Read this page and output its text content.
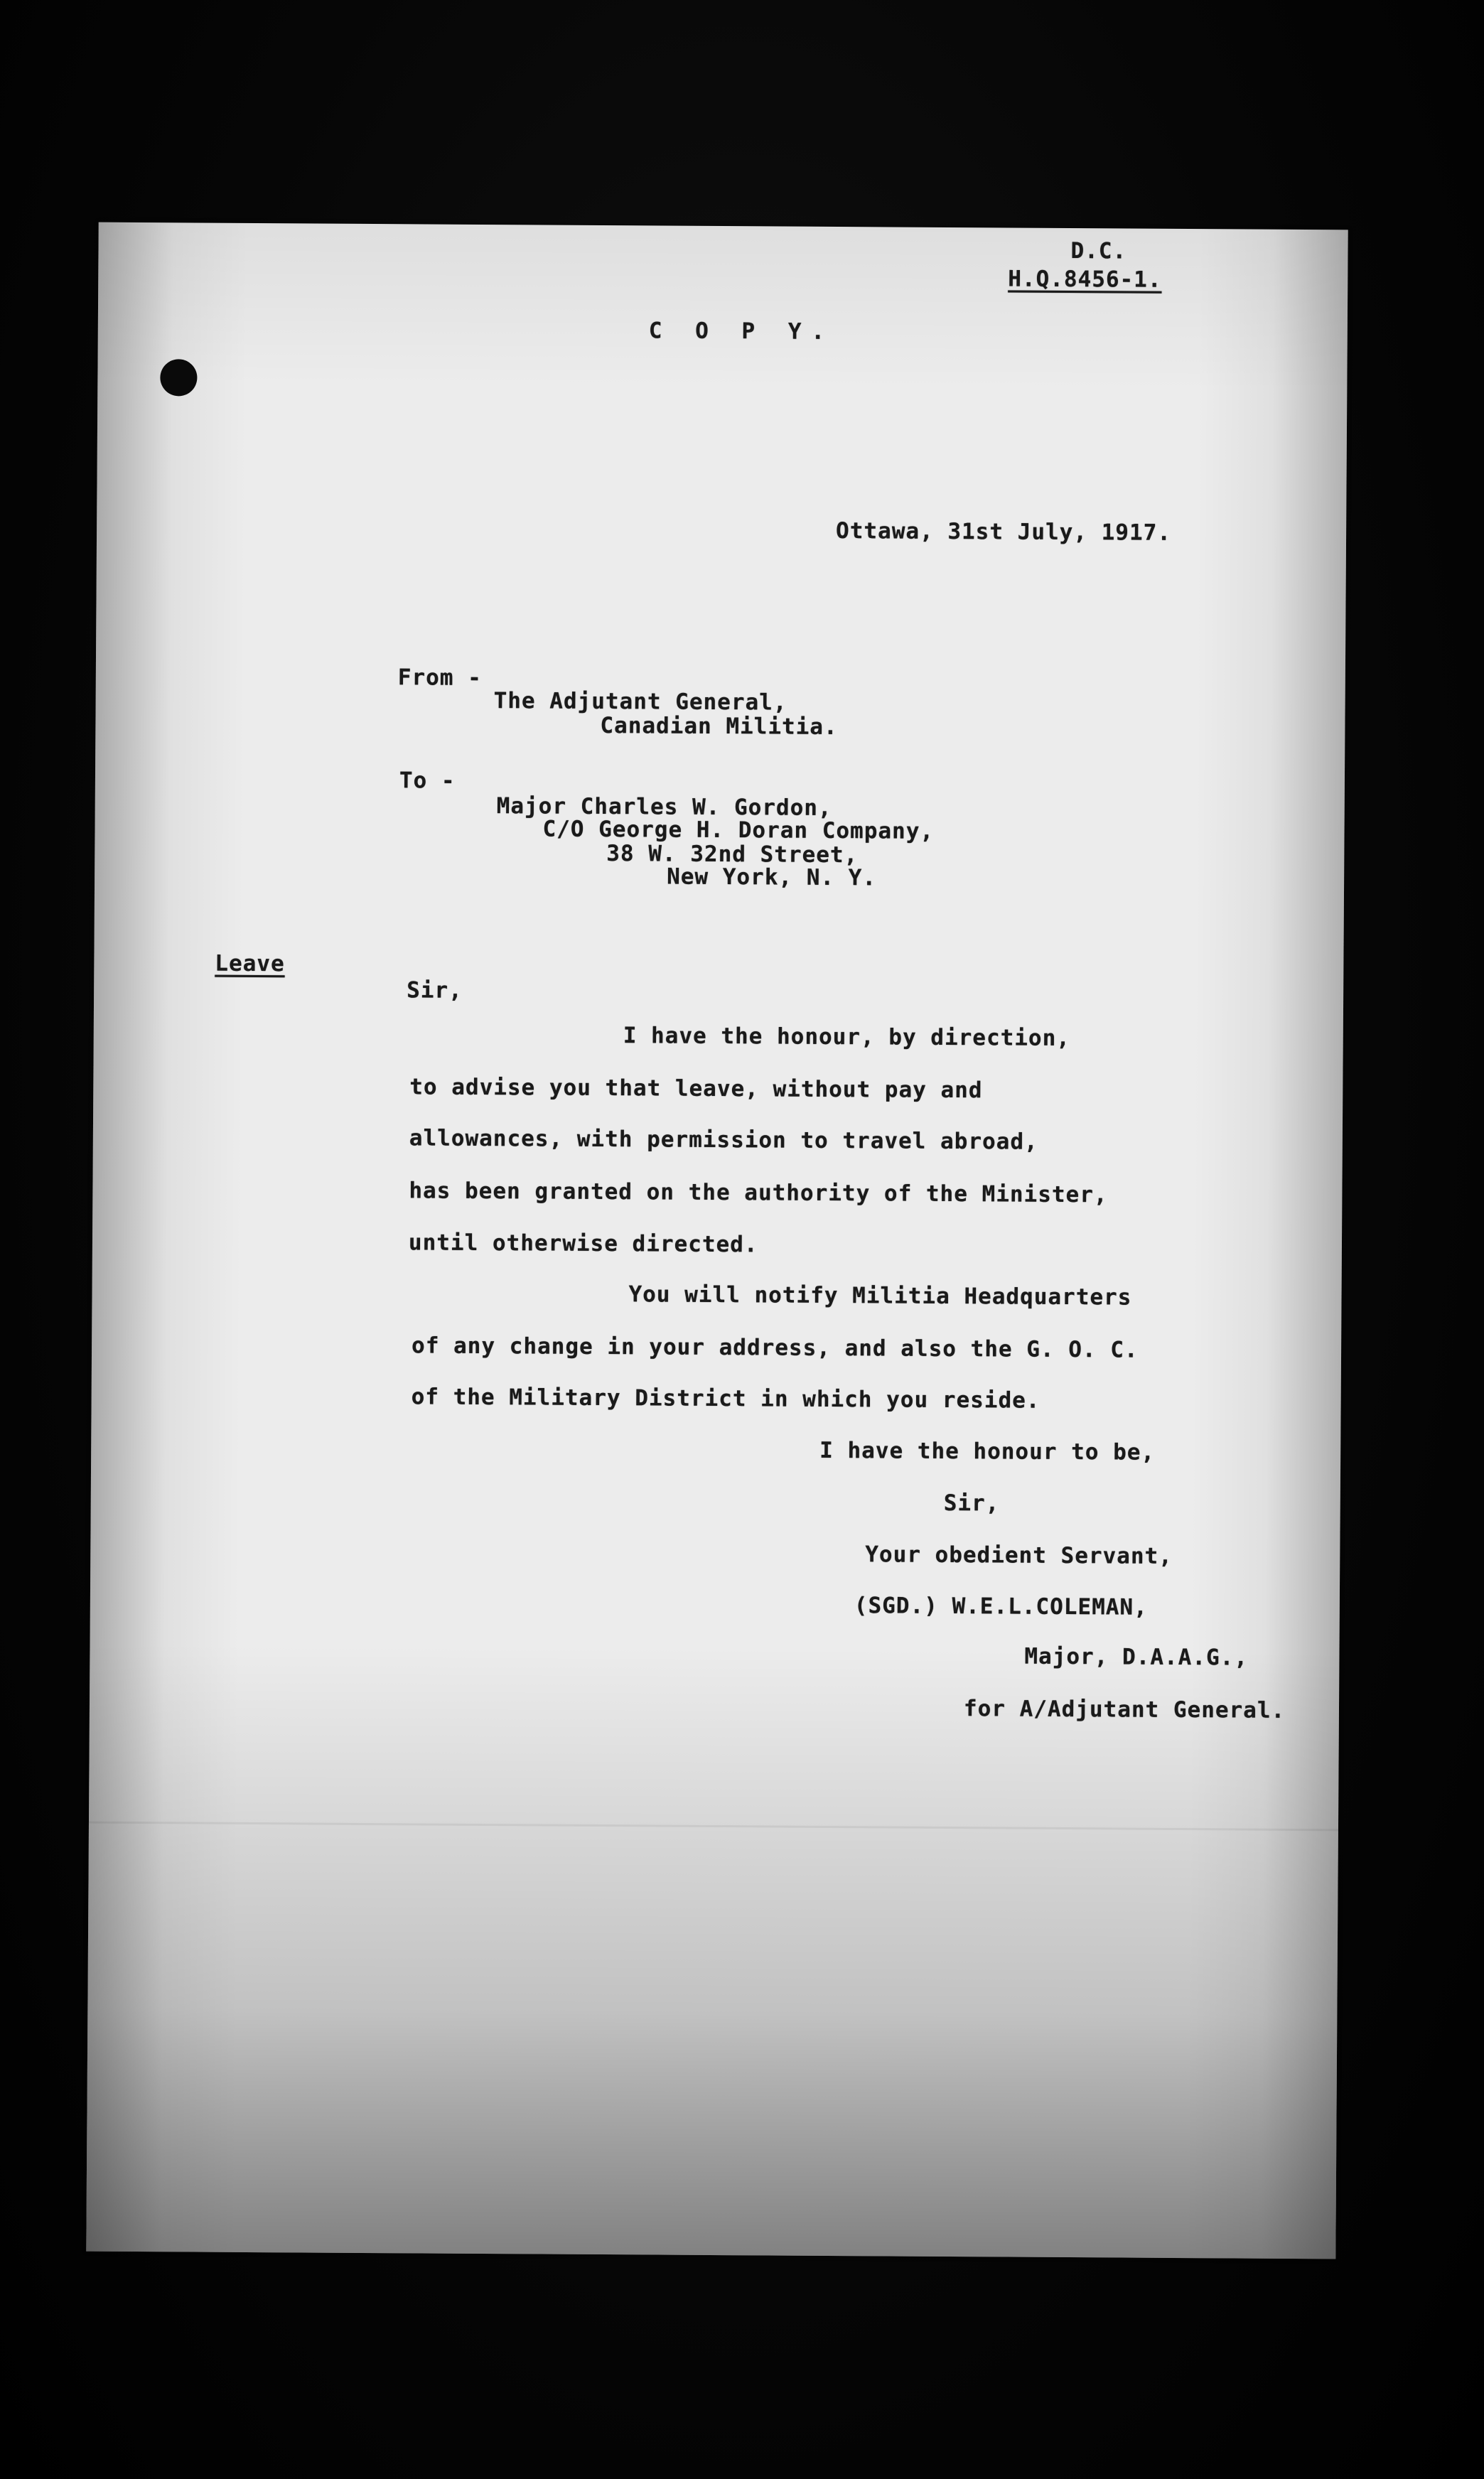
D.C.
H.Q.8456-1.
C O P Y.
Ottawa, 31st July, 1917.
From -
The Adjutant General,
Canadian Militia.
To -
Major Charles W. Gordon,
C/O George H. Doran Company,
38 W. 32nd Street,
New York, N. Y.
Leave
Sir,
I have the honour, by direction,
to advise you that leave, without pay and
allowances, with permission to travel abroad,
has been granted on the authority of the Minister,
until otherwise directed.
You will notify Militia Headquarters
of any change in your address, and also the G. O. C.
of the Military District in which you reside.
I have the honour to be,
Sir,
Your obedient Servant,
(SGD.) W.E.L.COLEMAN,
Major, D.A.A.G.,
for A/Adjutant General.
